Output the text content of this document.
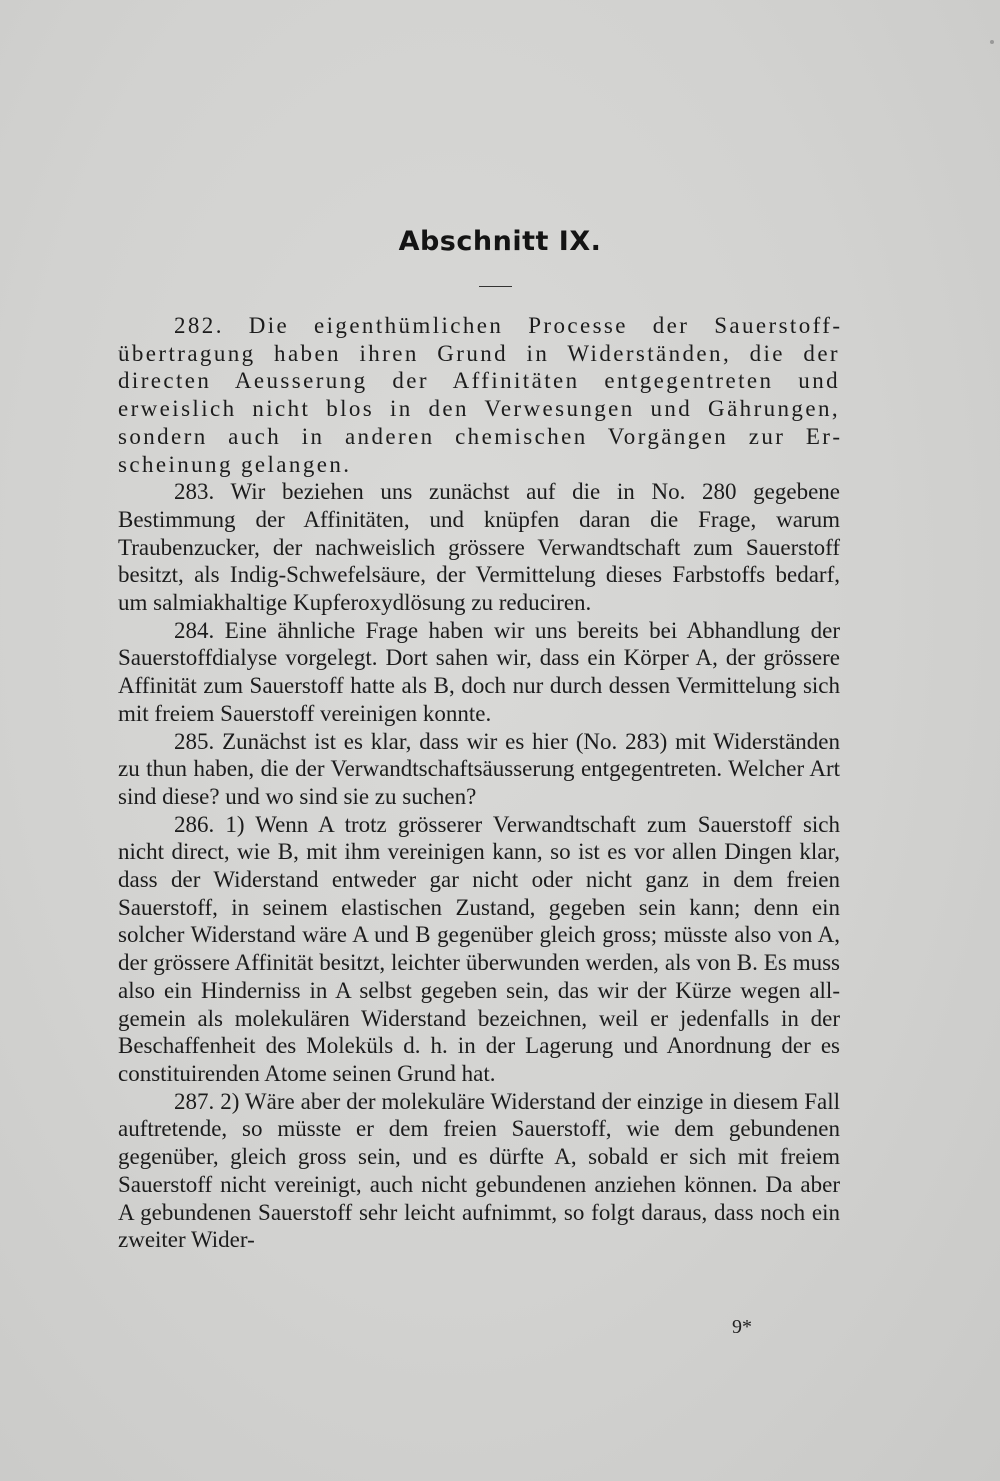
Abschnitt IX.

282. Die eigenthümlichen Processe der Sauerstoffübertragung haben ihren Grund in Widerständen, die der directen Aeusserung der Affinitäten entgegentreten und erweislich nicht blos in den Verwesungen und Gährungen, sondern auch in anderen chemischen Vorgängen zur Erscheinung gelangen.

283. Wir beziehen uns zunächst auf die in No. 280 gegebene Bestimmung der Affinitäten, und knüpfen daran die Frage, warum Traubenzucker, der nachweislich grössere Verwandtschaft zum Sauerstoff besitzt, als Indig-Schwefelsäure, der Vermittelung dieses Farbstoffs bedarf, um salmiakhaltige Kupferoxydlösung zu reduciren.

284. Eine ähnliche Frage haben wir uns bereits bei Abhandlung der Sauerstoffdialyse vorgelegt. Dort sahen wir, dass ein Körper A, der grössere Affinität zum Sauerstoff hatte als B, doch nur durch dessen Vermittelung sich mit freiem Sauerstoff vereinigen konnte.

285. Zunächst ist es klar, dass wir es hier (No. 283) mit Widerständen zu thun haben, die der Verwandtschaftsäusserung entgegentreten. Welcher Art sind diese? und wo sind sie zu suchen?

286. 1) Wenn A trotz grösserer Verwandtschaft zum Sauerstoff sich nicht direct, wie B, mit ihm vereinigen kann, so ist es vor allen Dingen klar, dass der Widerstand entweder gar nicht oder nicht ganz in dem freien Sauerstoff, in seinem elastischen Zustand, gegeben sein kann; denn ein solcher Widerstand wäre A und B gegenüber gleich gross; müsste also von A, der grössere Affinität besitzt, leichter überwunden werden, als von B. Es muss also ein Hinderniss in A selbst gegeben sein, das wir der Kürze wegen allgemein als molekulären Widerstand bezeichnen, weil er jedenfalls in der Beschaffenheit des Moleküls d. h. in der Lagerung und Anordnung der es constituirenden Atome seinen Grund hat.

287. 2) Wäre aber der molekuläre Widerstand der einzige in diesem Fall auftretende, so müsste er dem freien Sauerstoff, wie dem gebundenen gegenüber, gleich gross sein, und es dürfte A, sobald er sich mit freiem Sauerstoff nicht vereinigt, auch nicht gebundenen anziehen können. Da aber A gebundenen Sauerstoff sehr leicht aufnimmt, so folgt daraus, dass noch ein zweiter Wider-

9*
